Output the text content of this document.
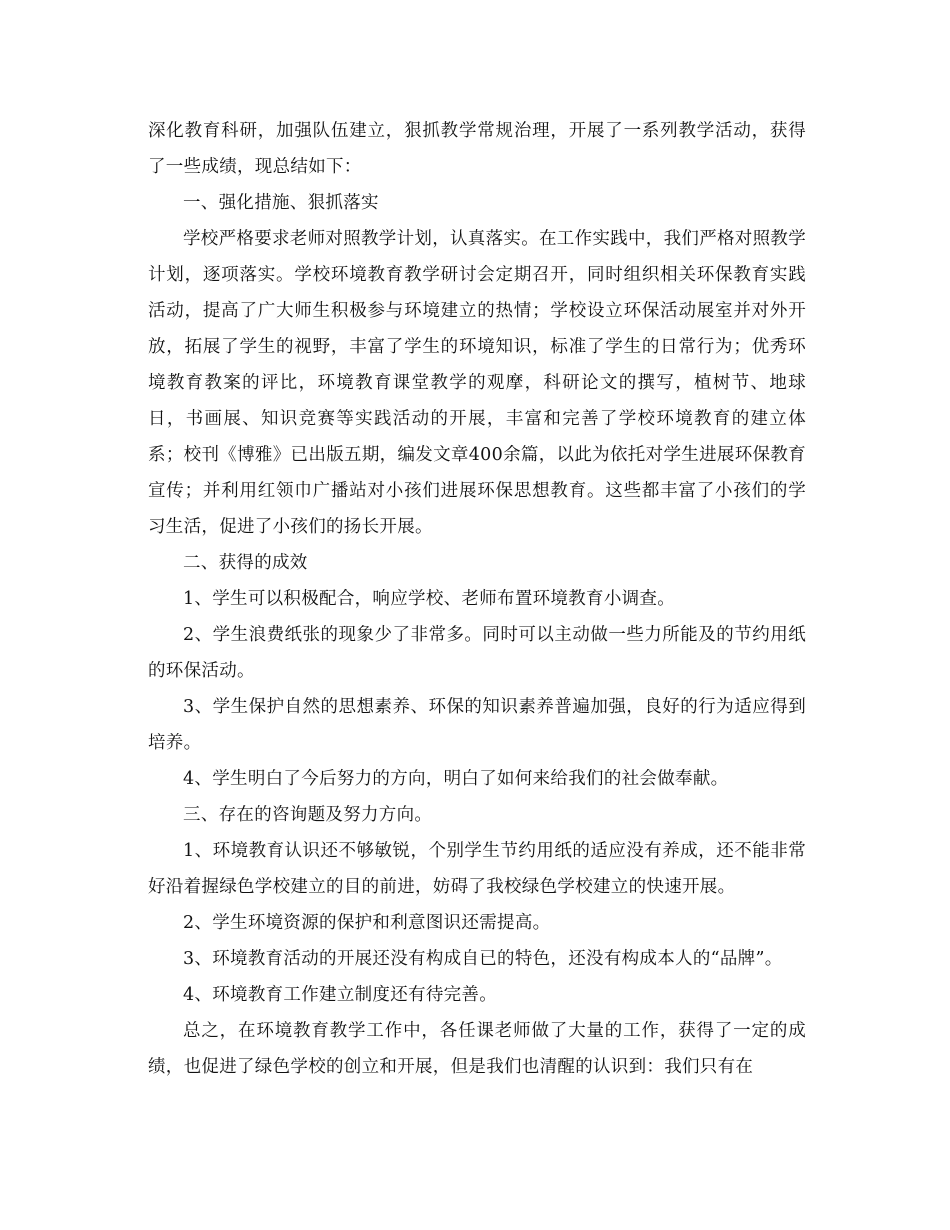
深化教育科研，加强队伍建立，狠抓教学常规治理，开展了一系列教学活动，获得了一些成绩，现总结如下：

一、强化措施、狠抓落实

学校严格要求老师对照教学计划，认真落实。在工作实践中，我们严格对照教学计划，逐项落实。学校环境教育教学研讨会定期召开，同时组织相关环保教育实践活动，提高了广大师生积极参与环境建立的热情；学校设立环保活动展室并对外开放，拓展了学生的视野，丰富了学生的环境知识，标准了学生的日常行为；优秀环境教育教案的评比，环境教育课堂教学的观摩，科研论文的撰写，植树节、地球日，书画展、知识竞赛等实践活动的开展，丰富和完善了学校环境教育的建立体系；校刊《博雅》已出版五期，编发文章400余篇，以此为依托对学生进展环保教育宣传；并利用红领巾广播站对小孩们进展环保思想教育。这些都丰富了小孩们的学习生活，促进了小孩们的扬长开展。

二、获得的成效

1、学生可以积极配合，响应学校、老师布置环境教育小调查。

2、学生浪费纸张的现象少了非常多。同时可以主动做一些力所能及的节约用纸的环保活动。

3、学生保护自然的思想素养、环保的知识素养普遍加强，良好的行为适应得到培养。

4、学生明白了今后努力的方向，明白了如何来给我们的社会做奉献。

三、存在的咨询题及努力方向。

1、环境教育认识还不够敏锐，个别学生节约用纸的适应没有养成，还不能非常好沿着握绿色学校建立的目的前进，妨碍了我校绿色学校建立的快速开展。

2、学生环境资源的保护和利意图识还需提高。

3、环境教育活动的开展还没有构成自已的特色，还没有构成本人的“品牌”。

4、环境教育工作建立制度还有待完善。

总之，在环境教育教学工作中，各任课老师做了大量的工作，获得了一定的成绩，也促进了绿色学校的创立和开展，但是我们也清醒的认识到：我们只有在
